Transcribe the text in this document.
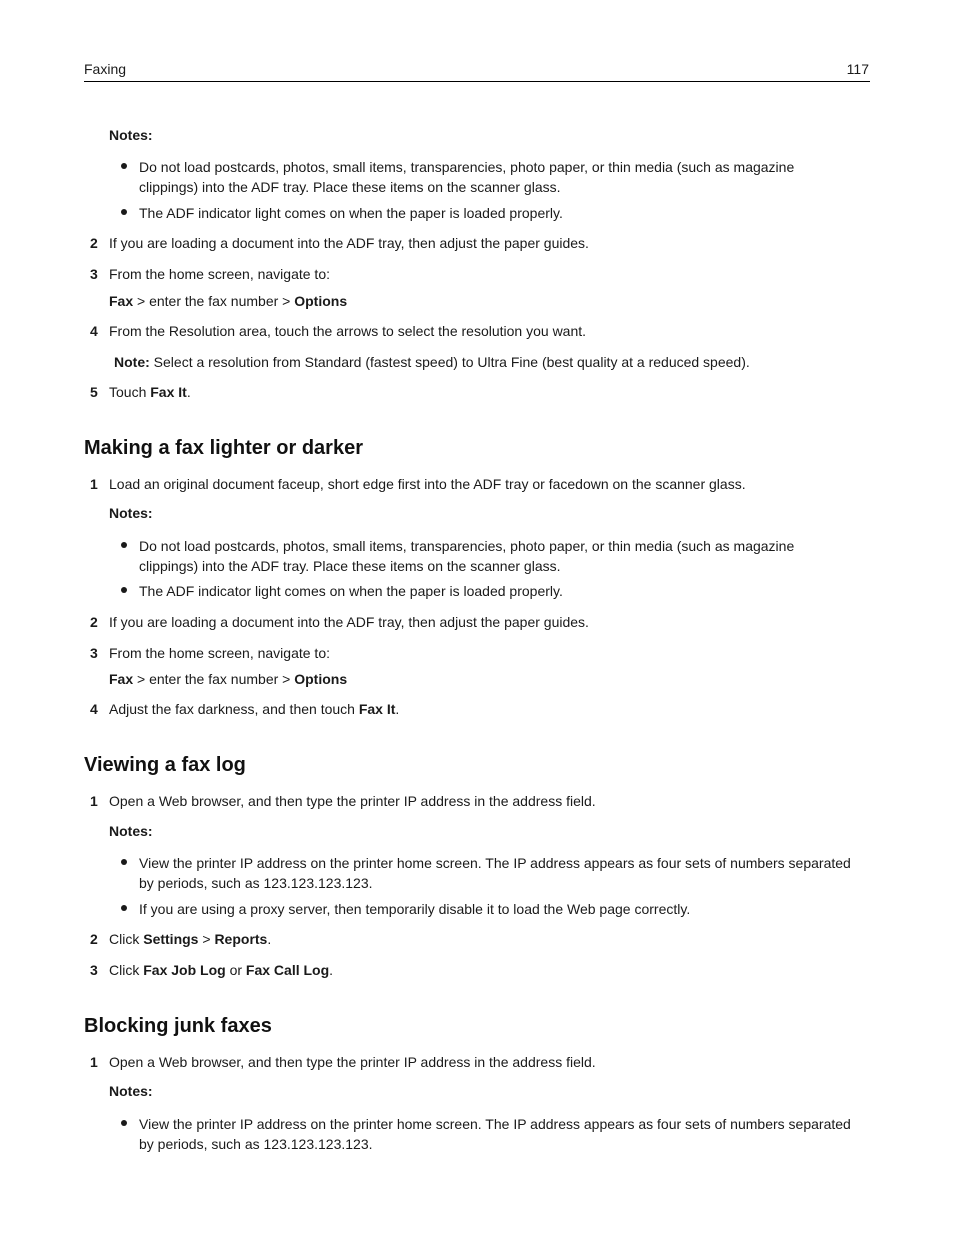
Faxing	117
Notes:
Do not load postcards, photos, small items, transparencies, photo paper, or thin media (such as magazine clippings) into the ADF tray. Place these items on the scanner glass.
The ADF indicator light comes on when the paper is loaded properly.
2 If you are loading a document into the ADF tray, then adjust the paper guides.
3 From the home screen, navigate to:
Fax > enter the fax number > Options
4 From the Resolution area, touch the arrows to select the resolution you want.
Note: Select a resolution from Standard (fastest speed) to Ultra Fine (best quality at a reduced speed).
5 Touch Fax It.
Making a fax lighter or darker
1 Load an original document faceup, short edge first into the ADF tray or facedown on the scanner glass.
Notes:
Do not load postcards, photos, small items, transparencies, photo paper, or thin media (such as magazine clippings) into the ADF tray. Place these items on the scanner glass.
The ADF indicator light comes on when the paper is loaded properly.
2 If you are loading a document into the ADF tray, then adjust the paper guides.
3 From the home screen, navigate to:
Fax > enter the fax number > Options
4 Adjust the fax darkness, and then touch Fax It.
Viewing a fax log
1 Open a Web browser, and then type the printer IP address in the address field.
Notes:
View the printer IP address on the printer home screen. The IP address appears as four sets of numbers separated by periods, such as 123.123.123.123.
If you are using a proxy server, then temporarily disable it to load the Web page correctly.
2 Click Settings > Reports.
3 Click Fax Job Log or Fax Call Log.
Blocking junk faxes
1 Open a Web browser, and then type the printer IP address in the address field.
Notes:
View the printer IP address on the printer home screen. The IP address appears as four sets of numbers separated by periods, such as 123.123.123.123.
